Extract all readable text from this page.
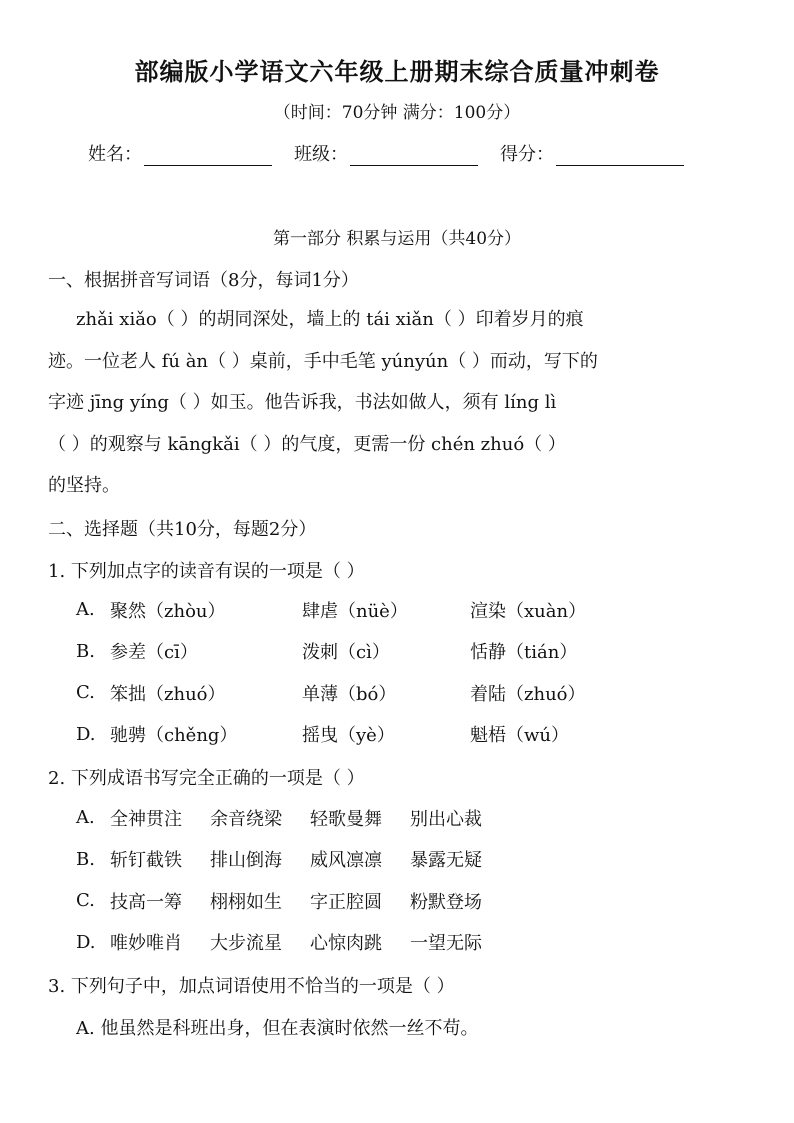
部编版小学语文六年级上册期末综合质量冲刺卷
（时间：70分钟 满分：100分）
姓名：	班级：	得分：
第一部分 积累与运用（共40分）
一、根据拼音写词语（8分，每词1分）
zhǎi xiǎo（ ）的胡同深处，墙上的 tái xiǎn（ ）印着岁月的痕
迹。一位老人 fú àn（ ）桌前，手中毛笔 yúnyún（ ）而动，写下的
字迹 jīng yíng（ ）如玉。他告诉我，书法如做人，须有 líng lì
（ ）的观察与 kāngkǎi（ ）的气度，更需一份 chén zhuó（ ）
的坚持。
二、选择题（共10分，每题2分）
1. 下列加点字的读音有误的一项是（ ）
A. 聚然（zhòu）	肆虐（nüè）	渲染（xuàn）
B. 参差（cī）	泼刺（cì）	恬静（tián）
C. 笨拙（zhuó）	单薄（bó）	着陆（zhuó）
D. 驰骋（chěng）	摇曳（yè）	魁梧（wú）
2. 下列成语书写完全正确的一项是（ ）
A. 全神贯注 余音绕梁 轻歌曼舞 别出心裁
B. 斩钉截铁 排山倒海 威风凛凛 暴露无疑
C. 技高一筹 栩栩如生 字正腔圆 粉默登场
D. 唯妙唯肖 大步流星 心惊肉跳 一望无际
3. 下列句子中，加点词语使用不恰当的一项是（ ）
A. 他虽然是科班出身，但在表演时依然一丝不苟。
